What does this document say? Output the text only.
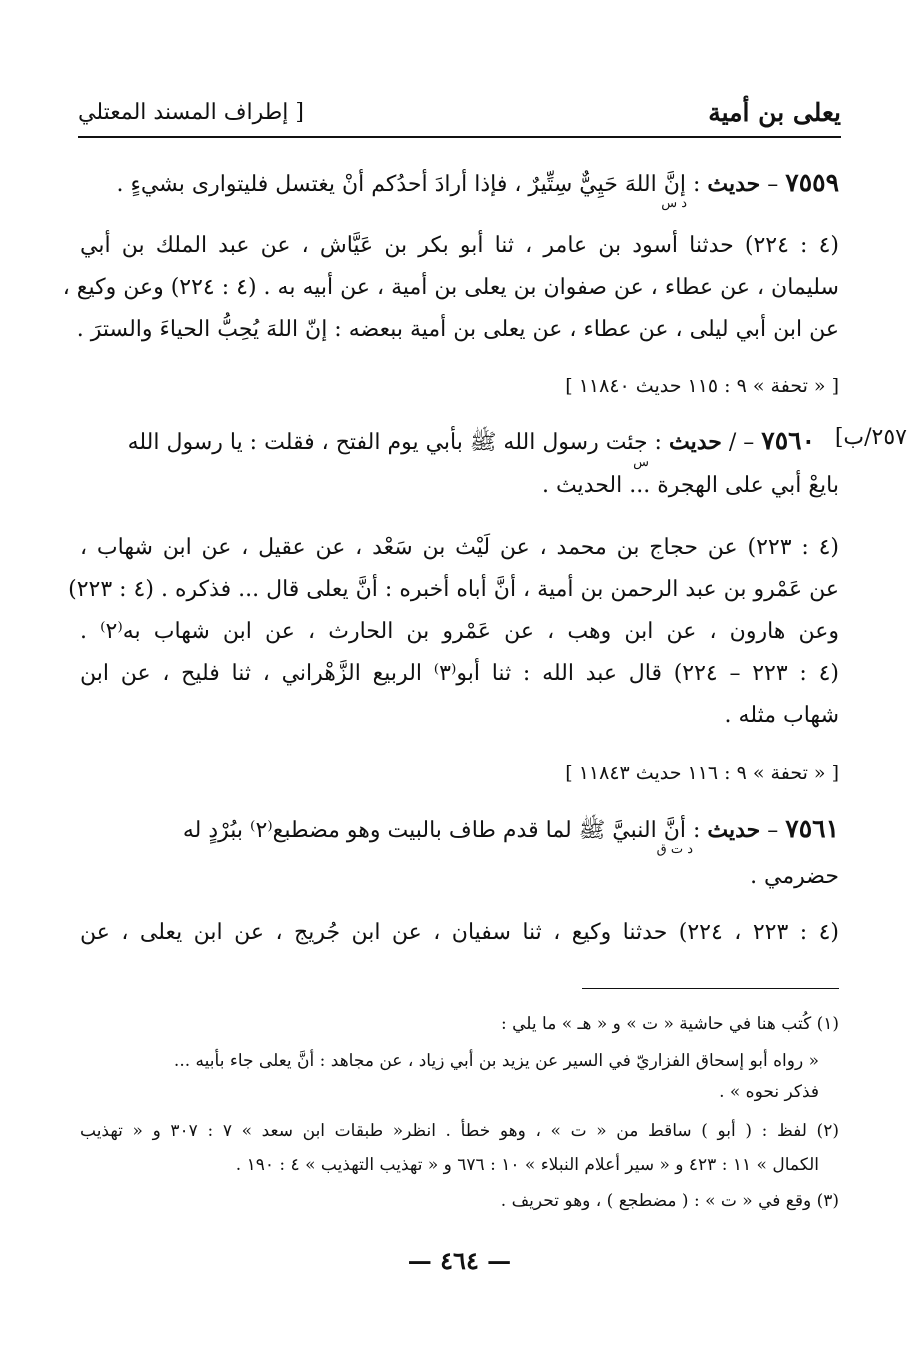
يعلى بن أمية
[ إطراف المسند المعتلي
٧٥٥٩ – حديث : إنَّ اللهَ حَيِيٌّ سِتِّيرٌ ، فإذا أرادَ أحدُكم أنْ يغتسل فليتوارى بشيءٍ .
د س
(٤ : ٢٢٤) حدثنا أسود بن عامر ، ثنا أبو بكر بن عَيَّاش ، عن عبد الملك بن أبي
سليمان ، عن عطاء ، عن صفوان بن يعلى بن أمية ، عن أبيه به . (٤ : ٢٢٤) وعن وكيع ،
عن ابن أبي ليلى ، عن عطاء ، عن يعلى بن أمية ببعضه : إنّ اللهَ يُحِبُّ الحياءَ والسترَ .
[ « تحفة » ٩ : ١١٥ حديث ١١٨٤٠ ]
٢٥٧/ب]
٧٥٦٠ – / حديث : جئت رسول الله ﷺ بأبي يوم الفتح ، فقلت : يا رسول الله
س
بايعْ أبي على الهجرة ... الحديث .
(٤ : ٢٢٣) عن حجاج بن محمد ، عن لَيْث بن سَعْد ، عن عقيل ، عن ابن شهاب ،
عن عَمْرو بن عبد الرحمن بن أمية ، أنَّ أباه أخبره : أنَّ يعلى قال ... فذكره . (٤ : ٢٢٣)
وعن هارون ، عن ابن وهب ، عن عَمْرو بن الحارث ، عن ابن شهاب به⁽٢⁾ .
(٤ : ٢٢٣ – ٢٢٤) قال عبد الله : ثنا أبو⁽٣⁾ الربيع الزَّهْراني ، ثنا فليح ، عن ابن
شهاب مثله .
[ « تحفة » ٩ : ١١٦ حديث ١١٨٤٣ ]
٧٥٦١ – حديث : أنَّ النبيَّ ﷺ لما قدم طاف بالبيت وهو مضطبع⁽٢⁾ ببُرْدٍ له
د ت ق
حضرمي .
(٤ : ٢٢٣ ، ٢٢٤) حدثنا وكيع ، ثنا سفيان ، عن ابن جُريج ، عن ابن يعلى ، عن
(١) كُتب هنا في حاشية « ت » و « هـ » ما يلي :
« رواه أبو إسحاق الفزاريّ في السير عن يزيد بن أبي زياد ، عن مجاهد : أنَّ يعلى جاء بأبيه ...
فذكر نحوه » .
(٢) لفظ : ( أبو ) ساقط من « ت » ، وهو خطأ . انظر« طبقات ابن سعد » ٧ : ٣٠٧ و « تهذيب
الكمال » ١١ : ٤٢٣ و « سير أعلام النبلاء » ١٠ : ٦٧٦ و « تهذيب التهذيب » ٤ : ١٩٠ .
(٣) وقع في « ت » : ( مضطجع ) ، وهو تحريف .
— ٤٦٤ —
